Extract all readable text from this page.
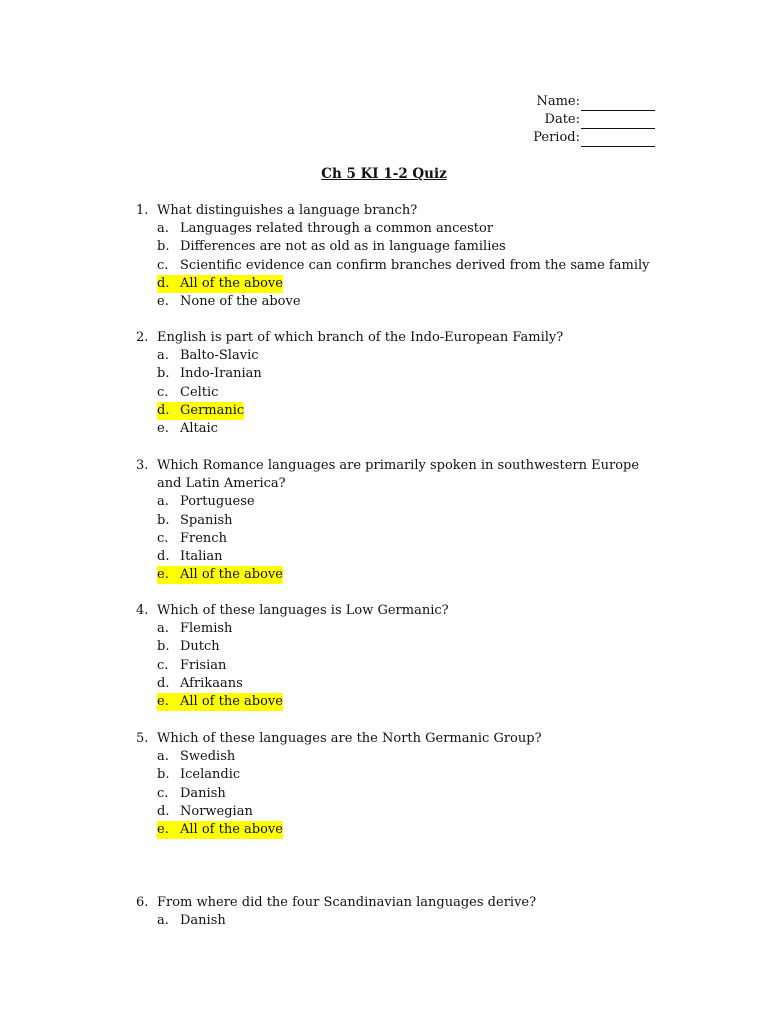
Name:
Date:
Period:
Ch 5 KI 1-2 Quiz
1. What distinguishes a language branch?
a. Languages related through a common ancestor
b. Differences are not as old as in language families
c. Scientific evidence can confirm branches derived from the same family
d. All of the above
e. None of the above
2. English is part of which branch of the Indo-European Family?
a. Balto-Slavic
b. Indo-Iranian
c. Celtic
d. Germanic
e. Altaic
3. Which Romance languages are primarily spoken in southwestern Europe and Latin America?
a. Portuguese
b. Spanish
c. French
d. Italian
e. All of the above
4. Which of these languages is Low Germanic?
a. Flemish
b. Dutch
c. Frisian
d. Afrikaans
e. All of the above
5. Which of these languages are the North Germanic Group?
a. Swedish
b. Icelandic
c. Danish
d. Norwegian
e. All of the above
6. From where did the four Scandinavian languages derive?
a. Danish
